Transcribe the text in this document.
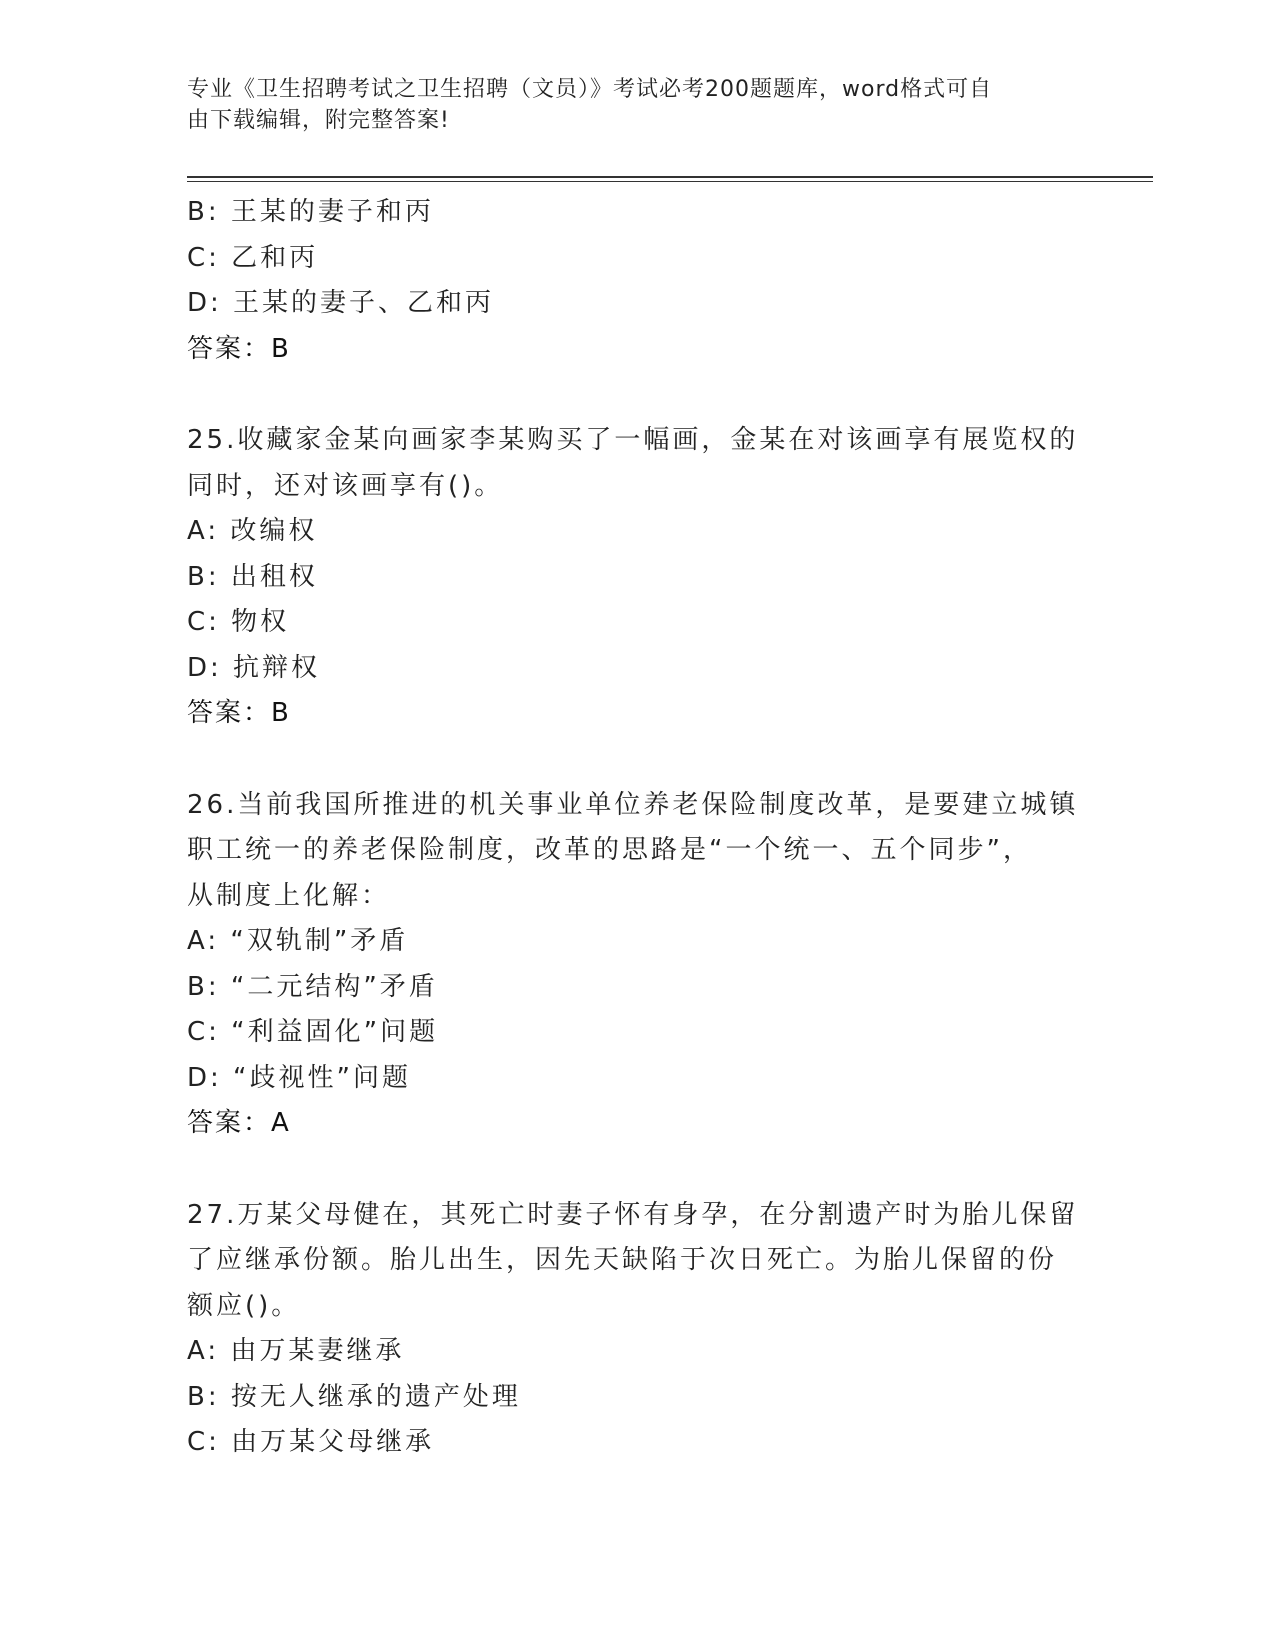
专业《卫生招聘考试之卫生招聘（文员）》考试必考200题题库，word格式可自
由下载编辑，附完整答案!
B: 王某的妻子和丙
C: 乙和丙
D: 王某的妻子、乙和丙
答案：B
25.收藏家金某向画家李某购买了一幅画，金某在对该画享有展览权的
同时，还对该画享有()。
A: 改编权
B: 出租权
C: 物权
D: 抗辩权
答案：B
26.当前我国所推进的机关事业单位养老保险制度改革，是要建立城镇
职工统一的养老保险制度，改革的思路是“一个统一、五个同步”，
从制度上化解：
A: “双轨制”矛盾
B: “二元结构”矛盾
C: “利益固化”问题
D: “歧视性”问题
答案：A
27.万某父母健在，其死亡时妻子怀有身孕，在分割遗产时为胎儿保留
了应继承份额。胎儿出生，因先天缺陷于次日死亡。为胎儿保留的份
额应()。
A: 由万某妻继承
B: 按无人继承的遗产处理
C: 由万某父母继承
